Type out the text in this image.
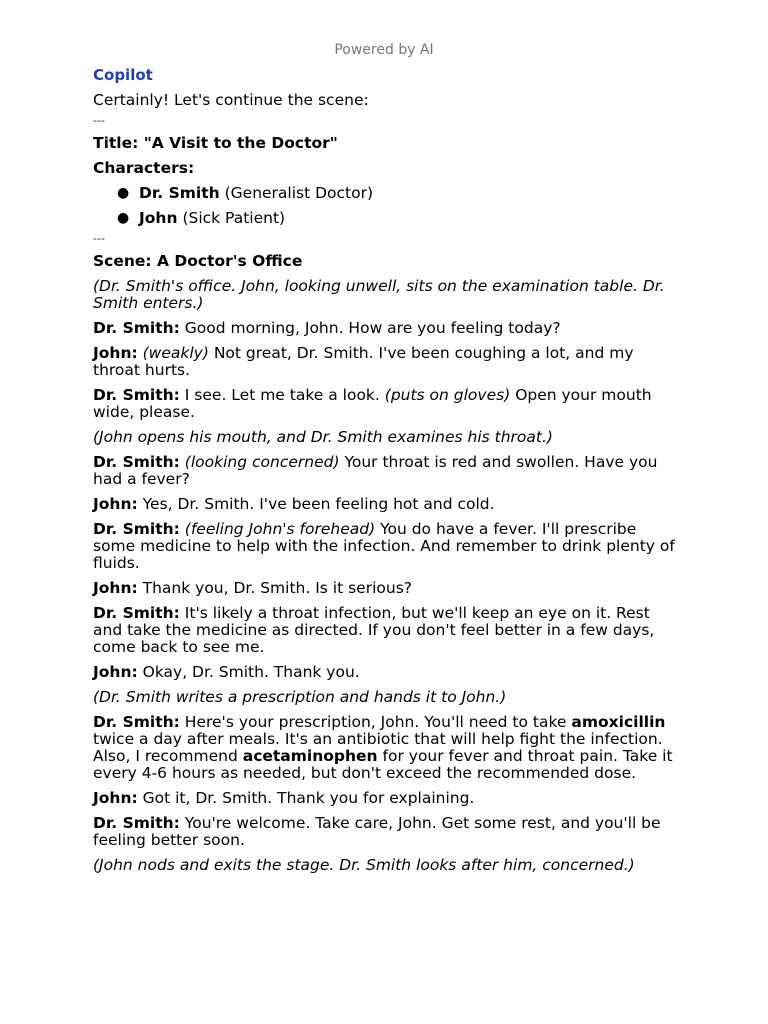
Powered by AI
Copilot

Certainly! Let's continue the scene:

---

Title: "A Visit to the Doctor"

Characters:

● Dr. Smith (Generalist Doctor)
● John (Sick Patient)
---

Scene: A Doctor's Office

(Dr. Smith's office. John, looking unwell, sits on the examination table. Dr. Smith enters.)

Dr. Smith: Good morning, John. How are you feeling today?

John: (weakly) Not great, Dr. Smith. I've been coughing a lot, and my throat hurts.

Dr. Smith: I see. Let me take a look. (puts on gloves) Open your mouth wide, please.

(John opens his mouth, and Dr. Smith examines his throat.)

Dr. Smith: (looking concerned) Your throat is red and swollen. Have you had a fever?

John: Yes, Dr. Smith. I've been feeling hot and cold.

Dr. Smith: (feeling John's forehead) You do have a fever. I'll prescribe some medicine to help with the infection. And remember to drink plenty of fluids.

John: Thank you, Dr. Smith. Is it serious?

Dr. Smith: It's likely a throat infection, but we'll keep an eye on it. Rest and take the medicine as directed. If you don't feel better in a few days, come back to see me.

John: Okay, Dr. Smith. Thank you.

(Dr. Smith writes a prescription and hands it to John.)

Dr. Smith: Here's your prescription, John. You'll need to take amoxicillin twice a day after meals. It's an antibiotic that will help fight the infection. Also, I recommend acetaminophen for your fever and throat pain. Take it every 4-6 hours as needed, but don't exceed the recommended dose.

John: Got it, Dr. Smith. Thank you for explaining.

Dr. Smith: You're welcome. Take care, John. Get some rest, and you'll be feeling better soon.

(John nods and exits the stage. Dr. Smith looks after him, concerned.)
